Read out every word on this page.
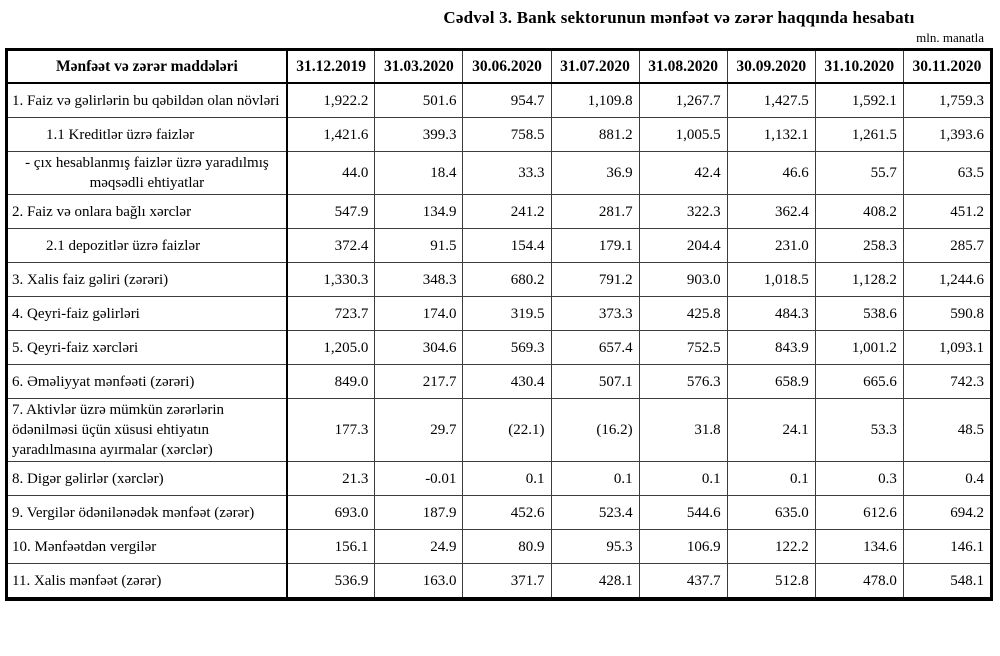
Cədvəl 3. Bank sektorunun mənfəət və zərər haqqında hesabatı
mln. manatla
Mənfəət və zərər maddələri	31.12.2019	31.03.2020	30.06.2020	31.07.2020	31.08.2020	30.09.2020	31.10.2020	30.11.2020
1. Faiz və gəlirlərin bu qəbildən olan növləri	1,922.2	501.6	954.7	1,109.8	1,267.7	1,427.5	1,592.1	1,759.3
1.1 Kreditlər üzrə faizlər	1,421.6	399.3	758.5	881.2	1,005.5	1,132.1	1,261.5	1,393.6
- çıx hesablanmış faizlər üzrə yaradılmış məqsədli ehtiyatlar	44.0	18.4	33.3	36.9	42.4	46.6	55.7	63.5
2. Faiz və onlara bağlı xərclər	547.9	134.9	241.2	281.7	322.3	362.4	408.2	451.2
2.1 depozitlər üzrə faizlər	372.4	91.5	154.4	179.1	204.4	231.0	258.3	285.7
3. Xalis faiz gəliri (zərəri)	1,330.3	348.3	680.2	791.2	903.0	1,018.5	1,128.2	1,244.6
4. Qeyri-faiz gəlirləri	723.7	174.0	319.5	373.3	425.8	484.3	538.6	590.8
5. Qeyri-faiz xərcləri	1,205.0	304.6	569.3	657.4	752.5	843.9	1,001.2	1,093.1
6. Əməliyyat mənfəəti (zərəri)	849.0	217.7	430.4	507.1	576.3	658.9	665.6	742.3
7. Aktivlər üzrə mümkün zərərlərin ödənilməsi üçün xüsusi ehtiyatın yaradılmasına ayırmalar (xərclər)	177.3	29.7	(22.1)	(16.2)	31.8	24.1	53.3	48.5
8. Digər gəlirlər (xərclər)	21.3	-0.01	0.1	0.1	0.1	0.1	0.3	0.4
9. Vergilər ödənilənədək mənfəət (zərər)	693.0	187.9	452.6	523.4	544.6	635.0	612.6	694.2
10. Mənfəətdən vergilər	156.1	24.9	80.9	95.3	106.9	122.2	134.6	146.1
11. Xalis mənfəət (zərər)	536.9	163.0	371.7	428.1	437.7	512.8	478.0	548.1
